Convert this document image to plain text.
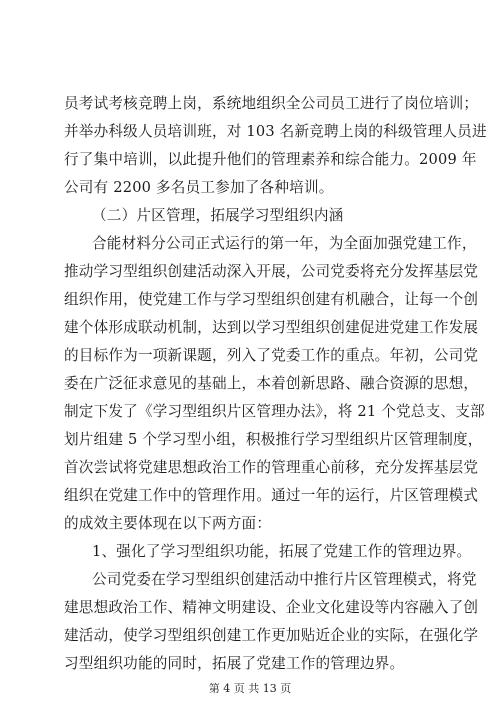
员考试考核竞聘上岗，系统地组织全公司员工进行了岗位培训；
并举办科级人员培训班，对 103 名新竞聘上岗的科级管理人员进
行了集中培训，以此提升他们的管理素养和综合能力。2009 年
公司有 2200 多名员工参加了各种培训。
（二）片区管理，拓展学习型组织内涵
合能材料分公司正式运行的第一年，为全面加强党建工作，
推动学习型组织创建活动深入开展，公司党委将充分发挥基层党
组织作用，使党建工作与学习型组织创建有机融合，让每一个创
建个体形成联动机制，达到以学习型组织创建促进党建工作发展
的目标作为一项新课题，列入了党委工作的重点。年初，公司党
委在广泛征求意见的基础上，本着创新思路、融合资源的思想，
制定下发了《学习型组织片区管理办法》，将 21 个党总支、支部
划片组建 5 个学习型小组，积极推行学习型组织片区管理制度，
首次尝试将党建思想政治工作的管理重心前移，充分发挥基层党
组织在党建工作中的管理作用。通过一年的运行，片区管理模式
的成效主要体现在以下两方面：
1、强化了学习型组织功能，拓展了党建工作的管理边界。
公司党委在学习型组织创建活动中推行片区管理模式，将党
建思想政治工作、精神文明建设、企业文化建设等内容融入了创
建活动，使学习型组织创建工作更加贴近企业的实际，在强化学
习型组织功能的同时，拓展了党建工作的管理边界。
第 4 页 共 13 页
